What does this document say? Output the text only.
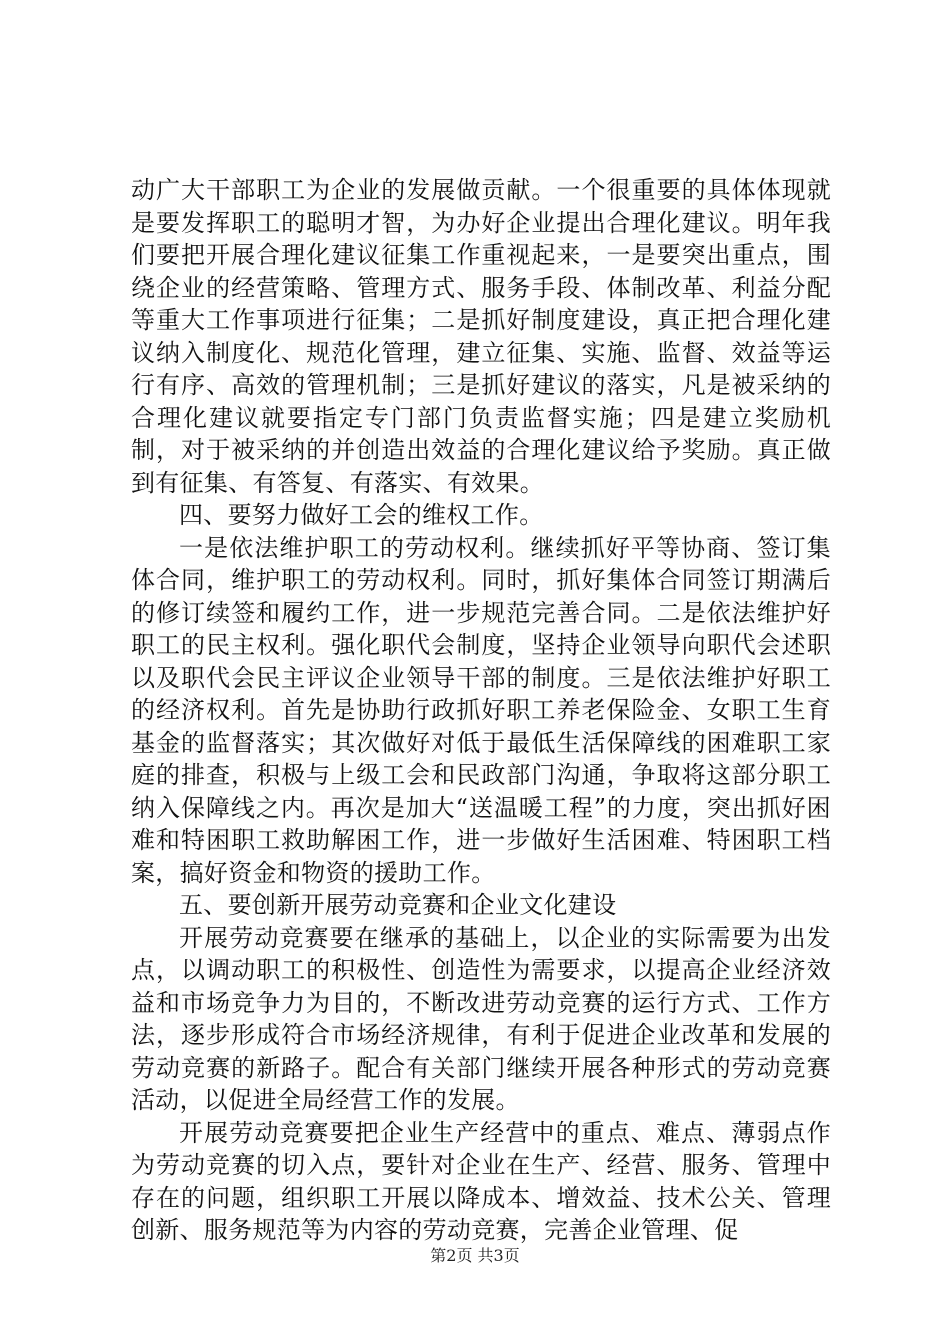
动广大干部职工为企业的发展做贡献。一个很重要的具体体现就是要发挥职工的聪明才智，为办好企业提出合理化建议。明年我们要把开展合理化建议征集工作重视起来，一是要突出重点，围绕企业的经营策略、管理方式、服务手段、体制改革、利益分配等重大工作事项进行征集；二是抓好制度建设，真正把合理化建议纳入制度化、规范化管理，建立征集、实施、监督、效益等运行有序、高效的管理机制；三是抓好建议的落实，凡是被采纳的合理化建议就要指定专门部门负责监督实施；四是建立奖励机制，对于被采纳的并创造出效益的合理化建议给予奖励。真正做到有征集、有答复、有落实、有效果。

四、要努力做好工会的维权工作。

一是依法维护职工的劳动权利。继续抓好平等协商、签订集体合同，维护职工的劳动权利。同时，抓好集体合同签订期满后的修订续签和履约工作，进一步规范完善合同。二是依法维护好职工的民主权利。强化职代会制度，坚持企业领导向职代会述职以及职代会民主评议企业领导干部的制度。三是依法维护好职工的经济权利。首先是协助行政抓好职工养老保险金、女职工生育基金的监督落实；其次做好对低于最低生活保障线的困难职工家庭的排查，积极与上级工会和民政部门沟通，争取将这部分职工纳入保障线之内。再次是加大“送温暖工程”的力度，突出抓好困难和特困职工救助解困工作，进一步做好生活困难、特困职工档案，搞好资金和物资的援助工作。

五、要创新开展劳动竞赛和企业文化建设

开展劳动竞赛要在继承的基础上，以企业的实际需要为出发点，以调动职工的积极性、创造性为需要求，以提高企业经济效益和市场竞争力为目的，不断改进劳动竞赛的运行方式、工作方法，逐步形成符合市场经济规律，有利于促进企业改革和发展的劳动竞赛的新路子。配合有关部门继续开展各种形式的劳动竞赛活动，以促进全局经营工作的发展。

开展劳动竞赛要把企业生产经营中的重点、难点、薄弱点作为劳动竞赛的切入点，要针对企业在生产、经营、服务、管理中存在的问题，组织职工开展以降成本、增效益、技术公关、管理创新、服务规范等为内容的劳动竞赛，完善企业管理、促

第2页 共3页
